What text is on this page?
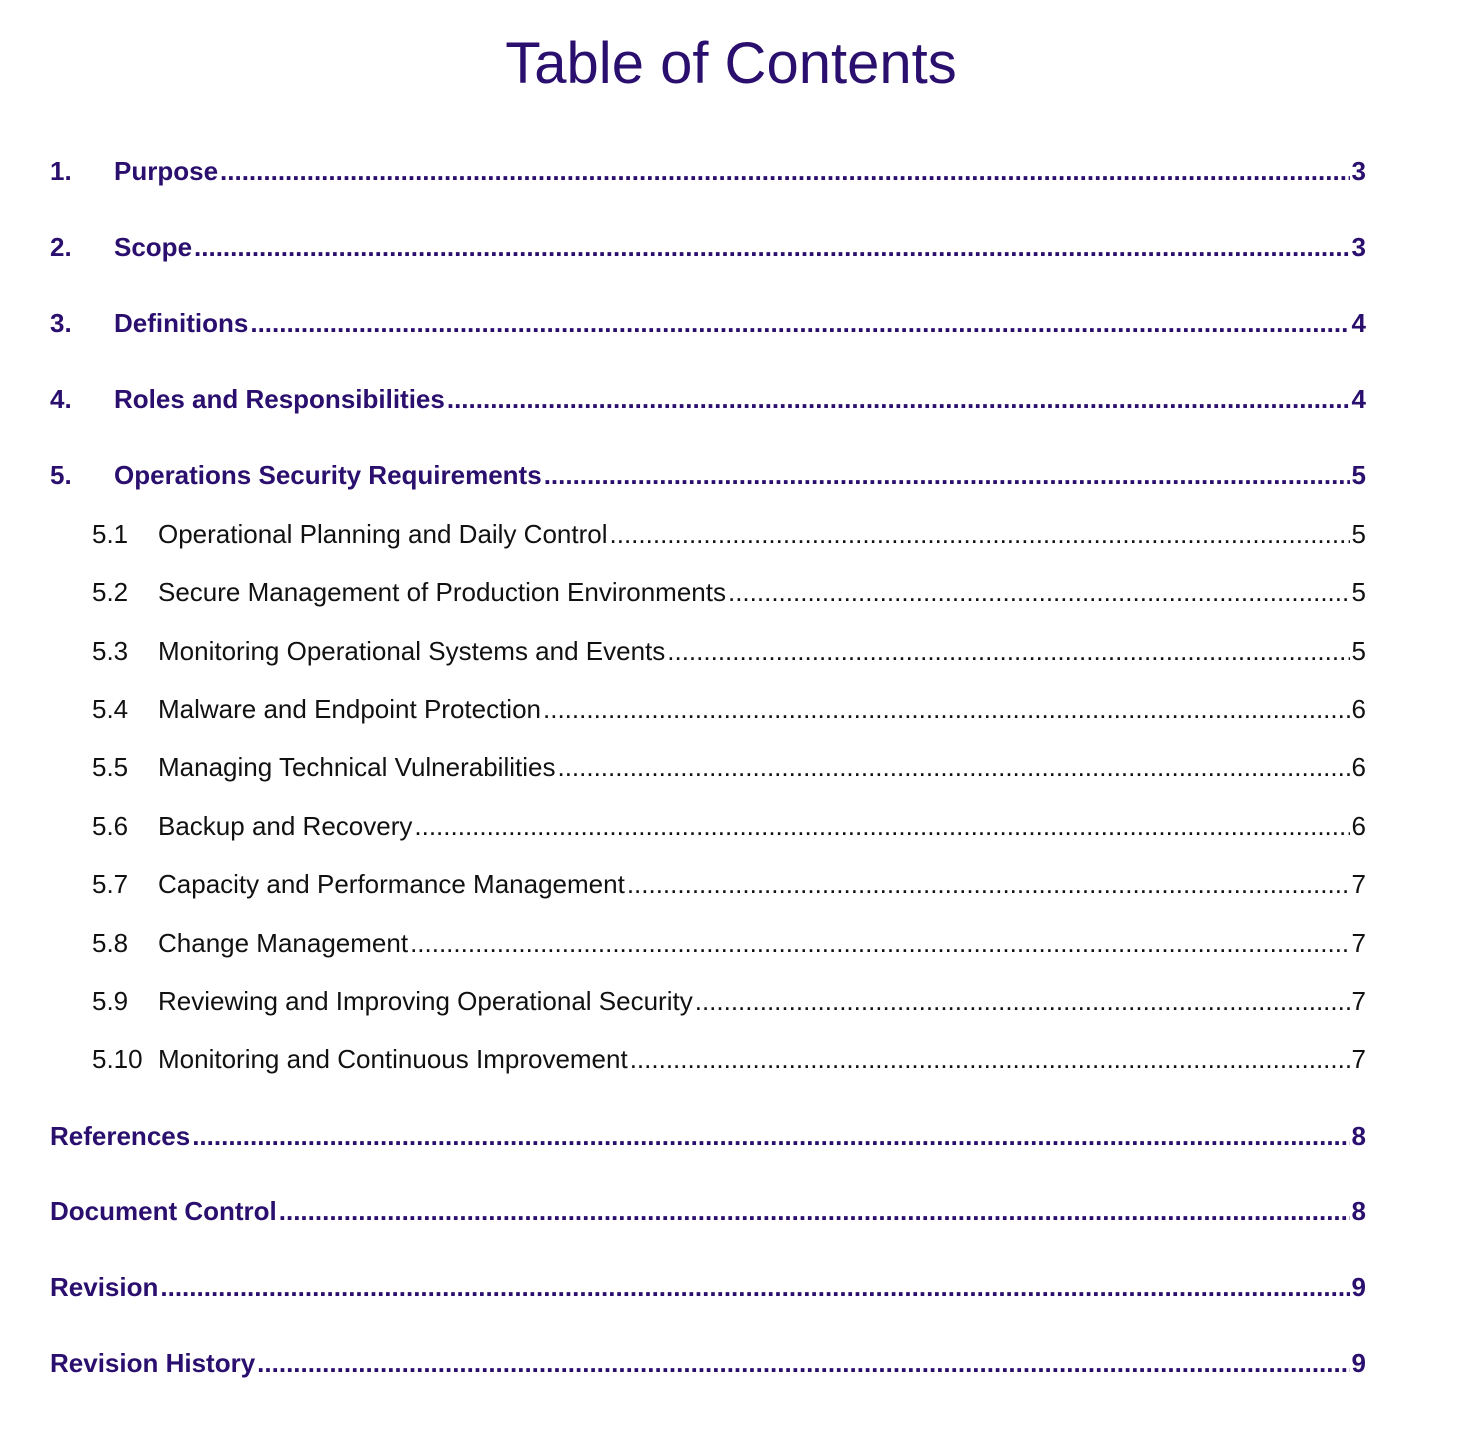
Table of Contents
1.	Purpose .....	3
2.	Scope .....	3
3.	Definitions .....	4
4.	Roles and Responsibilities .....	4
5.	Operations Security Requirements .....	5
5.1	Operational Planning and Daily Control .....	5
5.2	Secure Management of Production Environments .....	5
5.3	Monitoring Operational Systems and Events .....	5
5.4	Malware and Endpoint Protection .....	6
5.5	Managing Technical Vulnerabilities .....	6
5.6	Backup and Recovery .....	6
5.7	Capacity and Performance Management .....	7
5.8	Change Management .....	7
5.9	Reviewing and Improving Operational Security .....	7
5.10 Monitoring and Continuous Improvement .....	7
References .....	8
Document Control .....	8
Revision .....	9
Revision History .....	9
